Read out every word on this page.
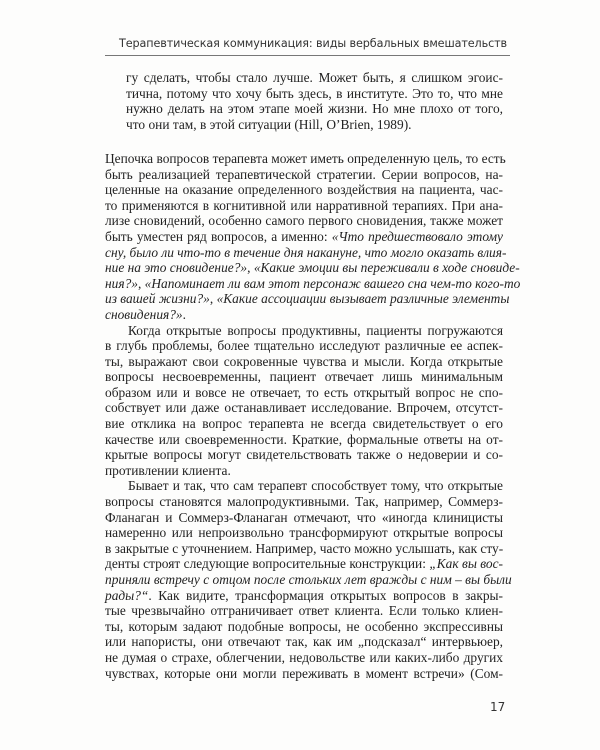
Терапевтическая коммуникация: виды вербальных вмешательств
гу сделать, чтобы стало лучше. Может быть, я слишком эгоис-
тична, потому что хочу быть здесь, в институте. Это то, что мне
нужно делать на этом этапе моей жизни. Но мне плохо от того,
что они там, в этой ситуации (Hill, O’Brien, 1989).
Цепочка вопросов терапевта может иметь определенную цель, то есть
быть реализацией терапевтической стратегии. Серии вопросов, на-
целенные на оказание определенного воздействия на пациента, час-
то применяются в когнитивной или нарративной терапиях. При ана-
лизе сновидений, особенно самого первого сновидения, также может
быть уместен ряд вопросов, а именно: «Что предшествовало этому
сну, было ли что-то в течение дня накануне, что могло оказать влия-
ние на это сновидение?», «Какие эмоции вы переживали в ходе сновиде-
ния?», «Напоминает ли вам этот персонаж вашего сна чем-то кого-то
из вашей жизни?», «Какие ассоциации вызывает различные элементы
сновидения?».
Когда открытые вопросы продуктивны, пациенты погружаются
в глубь проблемы, более тщательно исследуют различные ее аспек-
ты, выражают свои сокровенные чувства и мысли. Когда открытые
вопросы несвоевременны, пациент отвечает лишь минимальным
образом или и вовсе не отвечает, то есть открытый вопрос не спо-
собствует или даже останавливает исследование. Впрочем, отсутст-
вие отклика на вопрос терапевта не всегда свидетельствует о его
качестве или своевременности. Краткие, формальные ответы на от-
крытые вопросы могут свидетельствовать также о недоверии и со-
противлении клиента.
Бывает и так, что сам терапевт способствует тому, что открытые
вопросы становятся малопродуктивными. Так, например, Соммерз-
Фланаган и Соммерз-Фланаган отмечают, что «иногда клиницисты
намеренно или непроизвольно трансформируют открытые вопросы
в закрытые с уточнением. Например, часто можно услышать, как сту-
денты строят следующие вопросительные конструкции: „Как вы вос-
приняли встречу с отцом после стольких лет вражды с ним – вы были
рады?“. Как видите, трансформация открытых вопросов в закры-
тые чрезвычайно отграничивает ответ клиента. Если только клиен-
ты, которым задают подобные вопросы, не особенно экспрессивны
или напористы, они отвечают так, как им „подсказал“ интервьюер,
не думая о страхе, облегчении, недовольстве или каких-либо других
чувствах, которые они могли переживать в момент встречи» (Сом-
17
